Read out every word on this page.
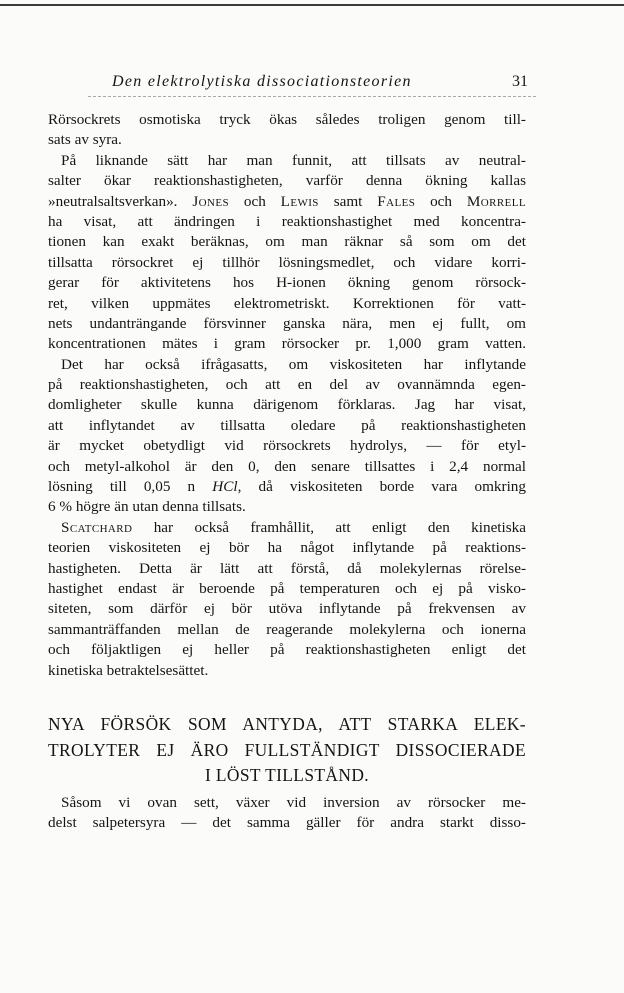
Den elektrolytiska dissociationsteorien	31
Rörsockrets osmotiska tryck ökas således troligen genom till-
sats av syra.
På liknande sätt har man funnit, att tillsats av neutral-
salter ökar reaktionshastigheten, varför denna ökning kallas
»neutralsaltsverkan». Jones och Lewis samt Fales och Morrell
ha visat, att ändringen i reaktionshastighet med koncentra-
tionen kan exakt beräknas, om man räknar så som om det
tillsatta rörsockret ej tillhör lösningsmedlet, och vidare korri-
gerar för aktivitetens hos H-ionen ökning genom rörsock-
ret, vilken uppmätes elektrometriskt. Korrektionen för vatt-
nets undanträngande försvinner ganska nära, men ej fullt, om
koncentrationen mätes i gram rörsocker pr. 1,000 gram vatten.
Det har också ifrågasatts, om viskositeten har inflytande
på reaktionshastigheten, och att en del av ovannämnda egen-
domligheter skulle kunna därigenom förklaras. Jag har visat,
att inflytandet av tillsatta oledare på reaktionshastigheten
är mycket obetydligt vid rörsockrets hydrolys, — för etyl-
och metyl-alkohol är den 0, den senare tillsattes i 2,4 normal
lösning till 0,05 n HCl, då viskositeten borde vara omkring
6 % högre än utan denna tillsats.
Scatchard har också framhållit, att enligt den kinetiska
teorien viskositeten ej bör ha något inflytande på reaktions-
hastigheten. Detta är lätt att förstå, då molekylernas rörelse-
hastighet endast är beroende på temperaturen och ej på visko-
siteten, som därför ej bör utöva inflytande på frekvensen av
sammanträffanden mellan de reagerande molekylerna och ionerna
och följaktligen ej heller på reaktionshastigheten enligt det
kinetiska betraktelsesättet.
NYA FÖRSÖK SOM ANTYDA, ATT STARKA ELEK-
TROLYTER EJ ÄRO FULLSTÄNDIGT DISSOCIERADE
I LÖST TILLSTÅND.
Såsom vi ovan sett, växer vid inversion av rörsocker me-
delst salpetersyra — det samma gäller för andra starkt disso-
